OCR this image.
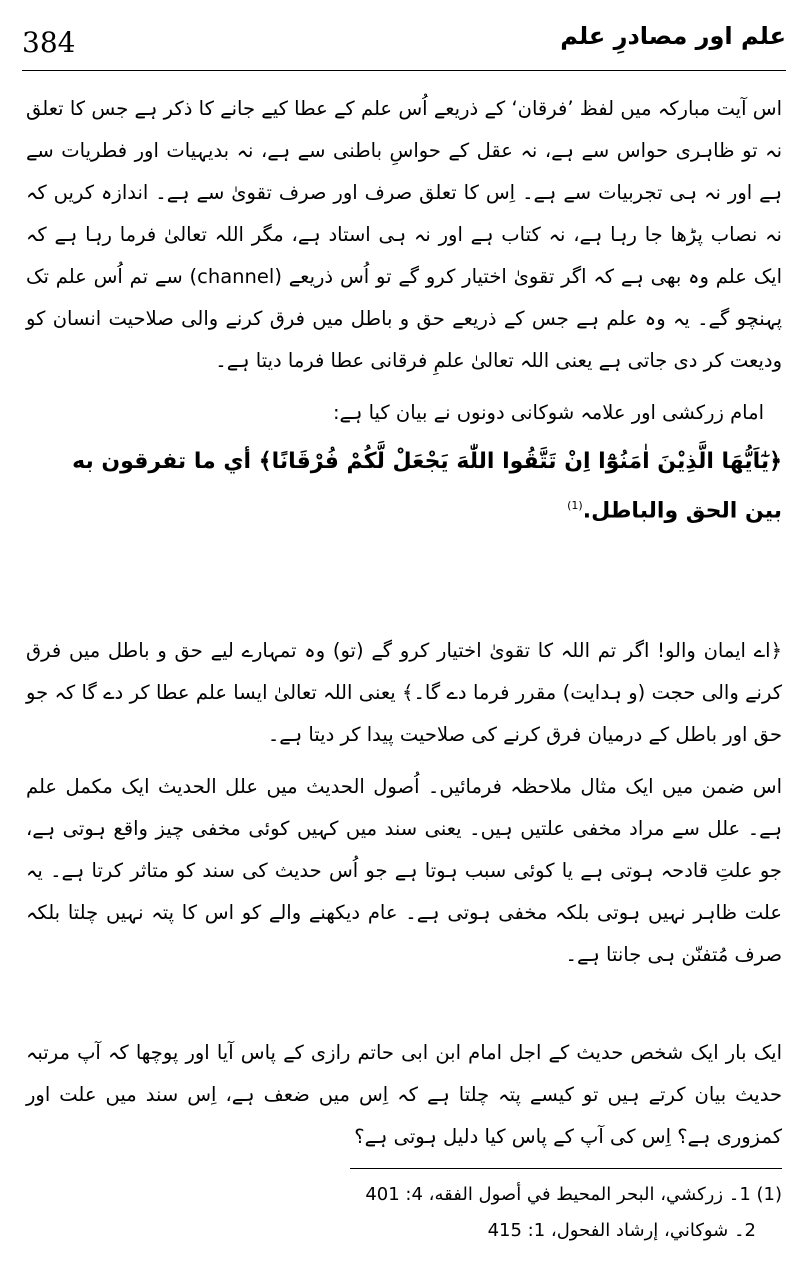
384	علم اور مصادرِ علم
اس آیت مبارکہ میں لفظ ’فرقان‘ کے ذریعے اُس علم کے عطا کیے جانے کا ذکر ہے جس کا تعلق نہ تو ظاہری حواس سے ہے، نہ عقل کے حواسِ باطنی سے ہے، نہ بدیہیات اور فطریات سے ہے اور نہ ہی تجربیات سے ہے۔ اِس کا تعلق صرف اور صرف تقویٰ سے ہے۔ اندازہ کریں کہ نہ نصاب پڑھا جا رہا ہے، نہ کتاب ہے اور نہ ہی استاد ہے، مگر اللہ تعالیٰ فرما رہا ہے کہ ایک علم وہ بھی ہے کہ اگر تقویٰ اختیار کرو گے تو اُس ذریعے (channel) سے تم اُس علم تک پہنچو گے۔ یہ وہ علم ہے جس کے ذریعے حق و باطل میں فرق کرنے والی صلاحیت انسان کو ودیعت کر دی جاتی ہے یعنی اللہ تعالیٰ علمِ فرقانی عطا فرما دیتا ہے۔
امام زرکشی اور علامہ شوکانی دونوں نے بیان کیا ہے:
﴿يٰٓاَيُّهَا الَّذِيْنَ اٰمَنُوْٓا اِنْ تَتَّقُوا اللّٰهَ يَجْعَلْ لَّكُمْ فُرْقَانًا﴾ أي ما تفرقون به بين الحق والباطل.$^{(1)}$
﴿اے ایمان والو! اگر تم اللہ کا تقویٰ اختیار کرو گے (تو) وہ تمہارے لیے حق و باطل میں فرق کرنے والی حجت (و ہدایت) مقرر فرما دے گا۔﴾ یعنی اللہ تعالیٰ ایسا علم عطا کر دے گا کہ جو حق اور باطل کے درمیان فرق کرنے کی صلاحیت پیدا کر دیتا ہے۔
اس ضمن میں ایک مثال ملاحظہ فرمائیں۔ اُصول الحدیث میں علل الحدیث ایک مکمل علم ہے۔ علل سے مراد مخفی علتیں ہیں۔ یعنی سند میں کہیں کوئی مخفی چیز واقع ہوتی ہے، جو علتِ قادحہ ہوتی ہے یا کوئی سبب ہوتا ہے جو اُس حدیث کی سند کو متاثر کرتا ہے۔ یہ علت ظاہر نہیں ہوتی بلکہ مخفی ہوتی ہے۔ عام دیکھنے والے کو اس کا پتہ نہیں چلتا بلکہ صرف مُتفنّن ہی جانتا ہے۔
ایک بار ایک شخص حدیث کے اجل امام ابن ابی حاتم رازی کے پاس آیا اور پوچھا کہ آپ مرتبہ حدیث بیان کرتے ہیں تو کیسے پتہ چلتا ہے کہ اِس میں ضعف ہے، اِس سند میں علت اور کمزوری ہے؟ اِس کی آپ کے پاس کیا دلیل ہوتی ہے؟
(1) 1۔ زرکشي، البحر المحيط في أصول الفقه، 4: 401
2۔ شوكاني، إرشاد الفحول، 1: 415
